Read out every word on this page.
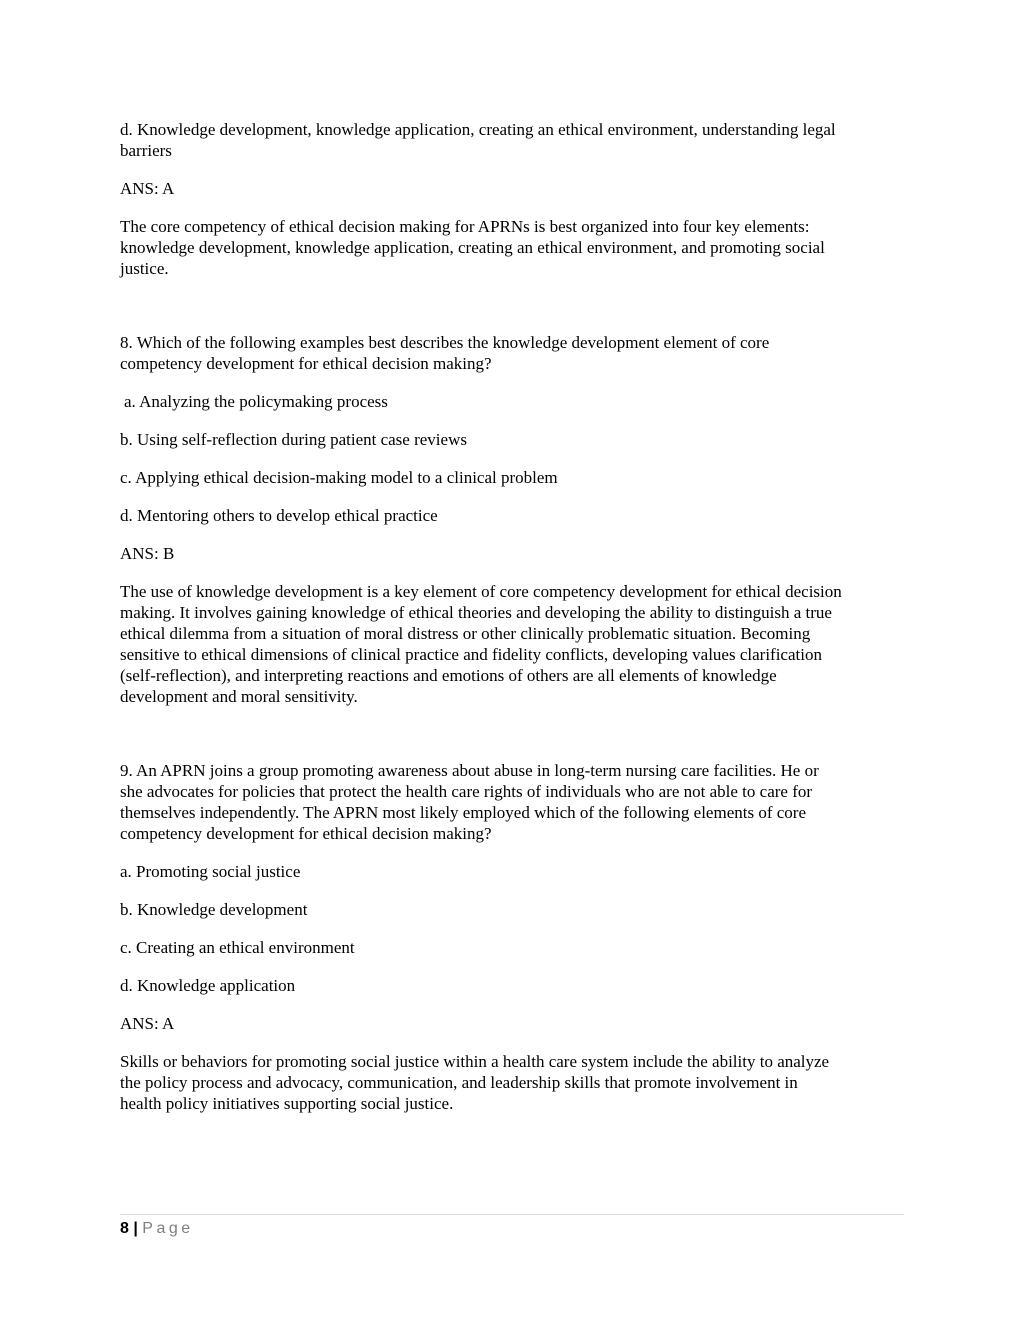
d. Knowledge development, knowledge application, creating an ethical environment, understanding legal

barriers

ANS: A

The core competency of ethical decision making for APRNs is best organized into four key elements:

knowledge development, knowledge application, creating an ethical environment, and promoting social

justice.

8. Which of the following examples best describes the knowledge development element of core

competency development for ethical decision making?

a. Analyzing the policymaking process

b. Using self-reflection during patient case reviews

c. Applying ethical decision-making model to a clinical problem

d. Mentoring others to develop ethical practice

ANS: B

The use of knowledge development is a key element of core competency development for ethical decision

making. It involves gaining knowledge of ethical theories and developing the ability to distinguish a true

ethical dilemma from a situation of moral distress or other clinically problematic situation. Becoming

sensitive to ethical dimensions of clinical practice and fidelity conflicts, developing values clarification

(self-reflection), and interpreting reactions and emotions of others are all elements of knowledge

development and moral sensitivity.

9. An APRN joins a group promoting awareness about abuse in long-term nursing care facilities. He or

she advocates for policies that protect the health care rights of individuals who are not able to care for

themselves independently. The APRN most likely employed which of the following elements of core

competency development for ethical decision making?

a. Promoting social justice

b. Knowledge development

c. Creating an ethical environment

d. Knowledge application

ANS: A

Skills or behaviors for promoting social justice within a health care system include the ability to analyze

the policy process and advocacy, communication, and leadership skills that promote involvement in

health policy initiatives supporting social justice.

8 | Page
